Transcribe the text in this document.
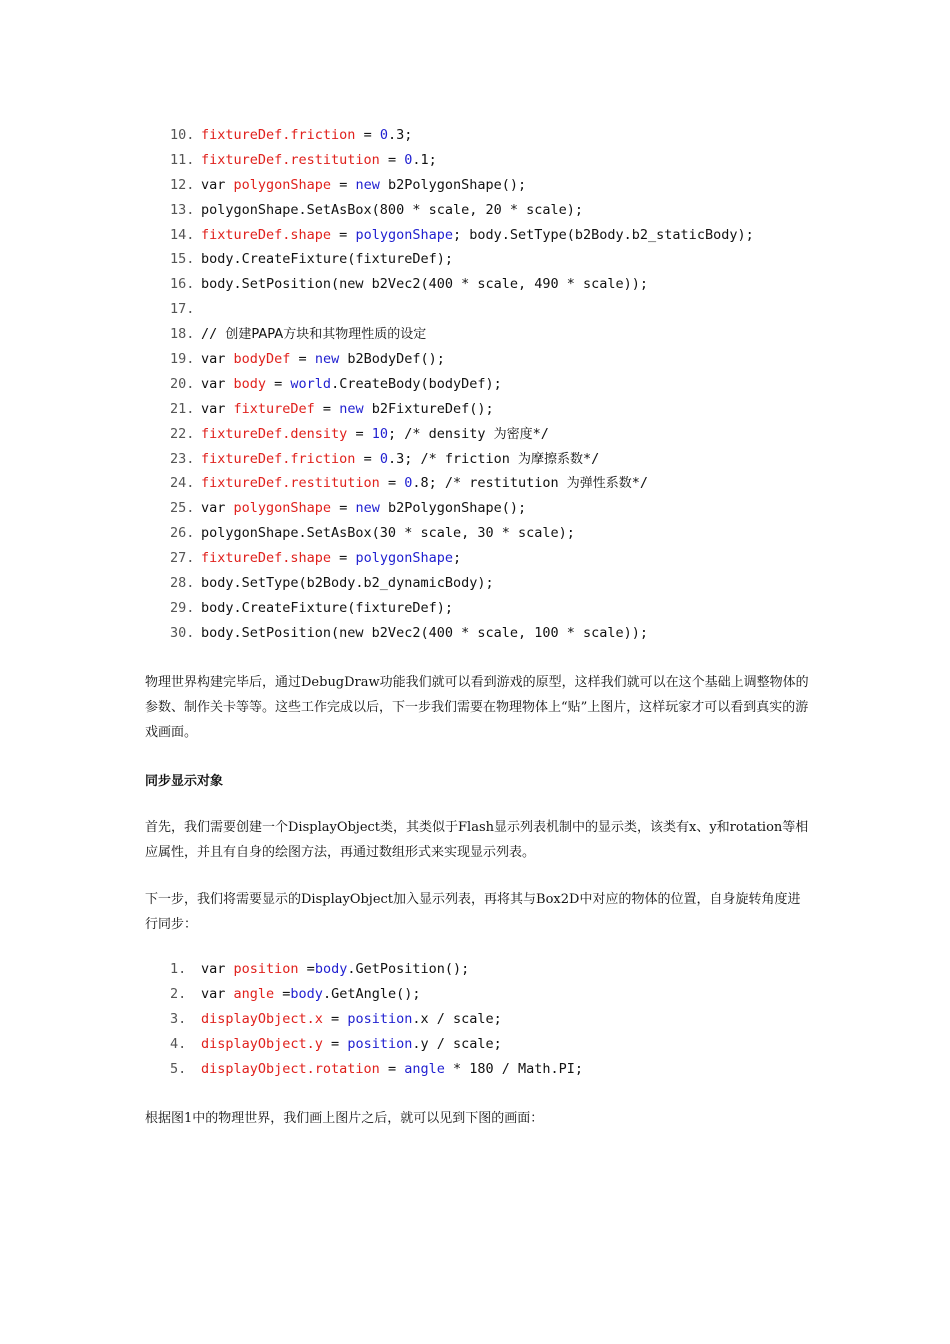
10. fixtureDef.friction = 0.3;
11. fixtureDef.restitution = 0.1;
12. var polygonShape = new b2PolygonShape();
13. polygonShape.SetAsBox(800 * scale, 20 * scale);
14. fixtureDef.shape = polygonShape; body.SetType(b2Body.b2_staticBody);
15. body.CreateFixture(fixtureDef);
16. body.SetPosition(new b2Vec2(400 * scale, 490 * scale));
17.
18. // 创建PAPA方块和其物理性质的设定
19. var bodyDef = new b2BodyDef();
20. var body = world.CreateBody(bodyDef);
21. var fixtureDef = new b2FixtureDef();
22. fixtureDef.density = 10; /* density 为密度*/
23. fixtureDef.friction = 0.3; /* friction 为摩擦系数*/
24. fixtureDef.restitution = 0.8; /* restitution 为弹性系数*/
25. var polygonShape = new b2PolygonShape();
26. polygonShape.SetAsBox(30 * scale, 30 * scale);
27. fixtureDef.shape = polygonShape;
28. body.SetType(b2Body.b2_dynamicBody);
29. body.CreateFixture(fixtureDef);
30. body.SetPosition(new b2Vec2(400 * scale, 100 * scale));
物理世界构建完毕后，通过DebugDraw功能我们就可以看到游戏的原型，这样我们就可以在这个基础上调整物体的参数、制作关卡等等。这些工作完成以后，下一步我们需要在物理物体上“贴”上图片，这样玩家才可以看到真实的游戏画面。
同步显示对象
首先，我们需要创建一个DisplayObject类，其类似于Flash显示列表机制中的显示类，该类有x、y和rotation等相应属性，并且有自身的绘图方法，再通过数组形式来实现显示列表。
下一步，我们将需要显示的DisplayObject加入显示列表，再将其与Box2D中对应的物体的位置，自身旋转角度进行同步：
1. var position =body.GetPosition();
2. var angle =body.GetAngle();
3. displayObject.x = position.x / scale;
4. displayObject.y = position.y / scale;
5. displayObject.rotation = angle * 180 / Math.PI;
根据图1中的物理世界，我们画上图片之后，就可以见到下图的画面：
